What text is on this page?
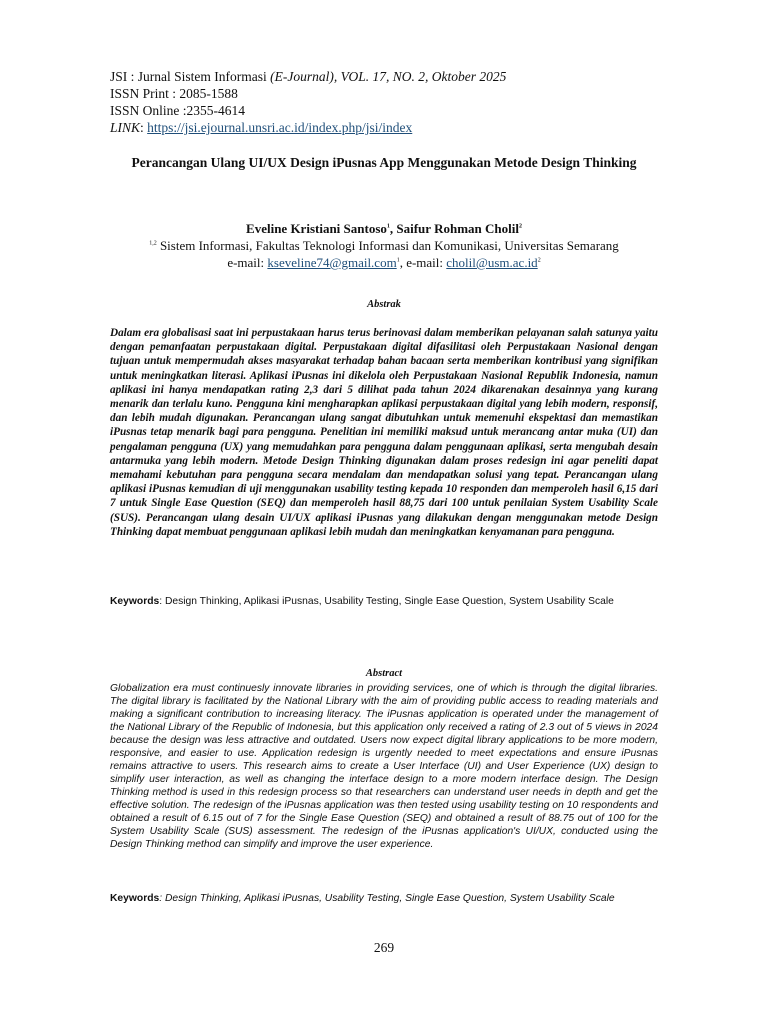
JSI : Jurnal Sistem Informasi (E-Journal), VOL. 17, NO. 2, Oktober 2025
ISSN Print : 2085-1588
ISSN Online :2355-4614
LINK: https://jsi.ejournal.unsri.ac.id/index.php/jsi/index
Perancangan Ulang UI/UX Design iPusnas App Menggunakan Metode Design Thinking
Eveline Kristiani Santoso$^1$, Saifur Rohman Cholil$^2$
$^{1,2}$ Sistem Informasi, Fakultas Teknologi Informasi dan Komunikasi, Universitas Semarang
e-mail: kseveline74@gmail.com$^1$, e-mail: $cholil@usm.ac.id^2$
Abstrak
Dalam era globalisasi saat ini perpustakaan harus terus berinovasi dalam memberikan pelayanan salah satunya yaitu dengan pemanfaatan perpustakaan digital. Perpustakaan digital difasilitasi oleh Perpustakaan Nasional dengan tujuan untuk mempermudah akses masyarakat terhadap bahan bacaan serta memberikan kontribusi yang signifikan untuk meningkatkan literasi. Aplikasi iPusnas ini dikelola oleh Perpustakaan Nasional Republik Indonesia, namun aplikasi ini hanya mendapatkan rating 2,3 dari 5 dilihat pada tahun 2024 dikarenakan desainnya yang kurang menarik dan terlalu kuno. Pengguna kini mengharapkan aplikasi perpustakaan digital yang lebih modern, responsif, dan lebih mudah digunakan. Perancangan ulang sangat dibutuhkan untuk memenuhi ekspektasi dan memastikan iPusnas tetap menarik bagi para pengguna. Penelitian ini memiliki maksud untuk merancang antar muka (UI) dan pengalaman pengguna (UX) yang memudahkan para pengguna dalam penggunaan aplikasi, serta mengubah desain antarmuka yang lebih modern. Metode Design Thinking digunakan dalam proses redesign ini agar peneliti dapat memahami kebutuhan para pengguna secara mendalam dan mendapatkan solusi yang tepat. Perancangan ulang aplikasi iPusnas kemudian di uji menggunakan usability testing kepada 10 responden dan memperoleh hasil 6,15 dari 7 untuk Single Ease Question (SEQ) dan memperoleh hasil 88,75 dari 100 untuk penilaian System Usability Scale (SUS). Perancangan ulang desain UI/UX aplikasi iPusnas yang dilakukan dengan menggunakan metode Design Thinking dapat membuat penggunaan aplikasi lebih mudah dan meningkatkan kenyamanan para pengguna.
Keywords: Design Thinking, Aplikasi iPusnas, Usability Testing, Single Ease Question, System Usability Scale
Abstract
Globalization era must continuesly innovate libraries in providing services, one of which is through the digital libraries. The digital library is facilitated by the National Library with the aim of providing public access to reading materials and making a significant contribution to increasing literacy. The iPusnas application is operated under the management of the National Library of the Republic of Indonesia, but this application only received a rating of 2.3 out of 5 views in 2024 because the design was less attractive and outdated. Users now expect digital library applications to be more modern, responsive, and easier to use. Application redesign is urgently needed to meet expectations and ensure iPusnas remains attractive to users. This research aims to create a User Interface (UI) and User Experience (UX) design to simplify user interaction, as well as changing the interface design to a more modern interface design. The Design Thinking method is used in this redesign process so that researchers can understand user needs in depth and get the effective solution. The redesign of the iPusnas application was then tested using usability testing on 10 respondents and obtained a result of 6.15 out of 7 for the Single Ease Question (SEQ) and obtained a result of 88.75 out of 100 for the System Usability Scale (SUS) assessment. The redesign of the iPusnas application's UI/UX, conducted using the Design Thinking method can simplify and improve the user experience.
Keywords: Design Thinking, Aplikasi iPusnas, Usability Testing, Single Ease Question, System Usability Scale
269
